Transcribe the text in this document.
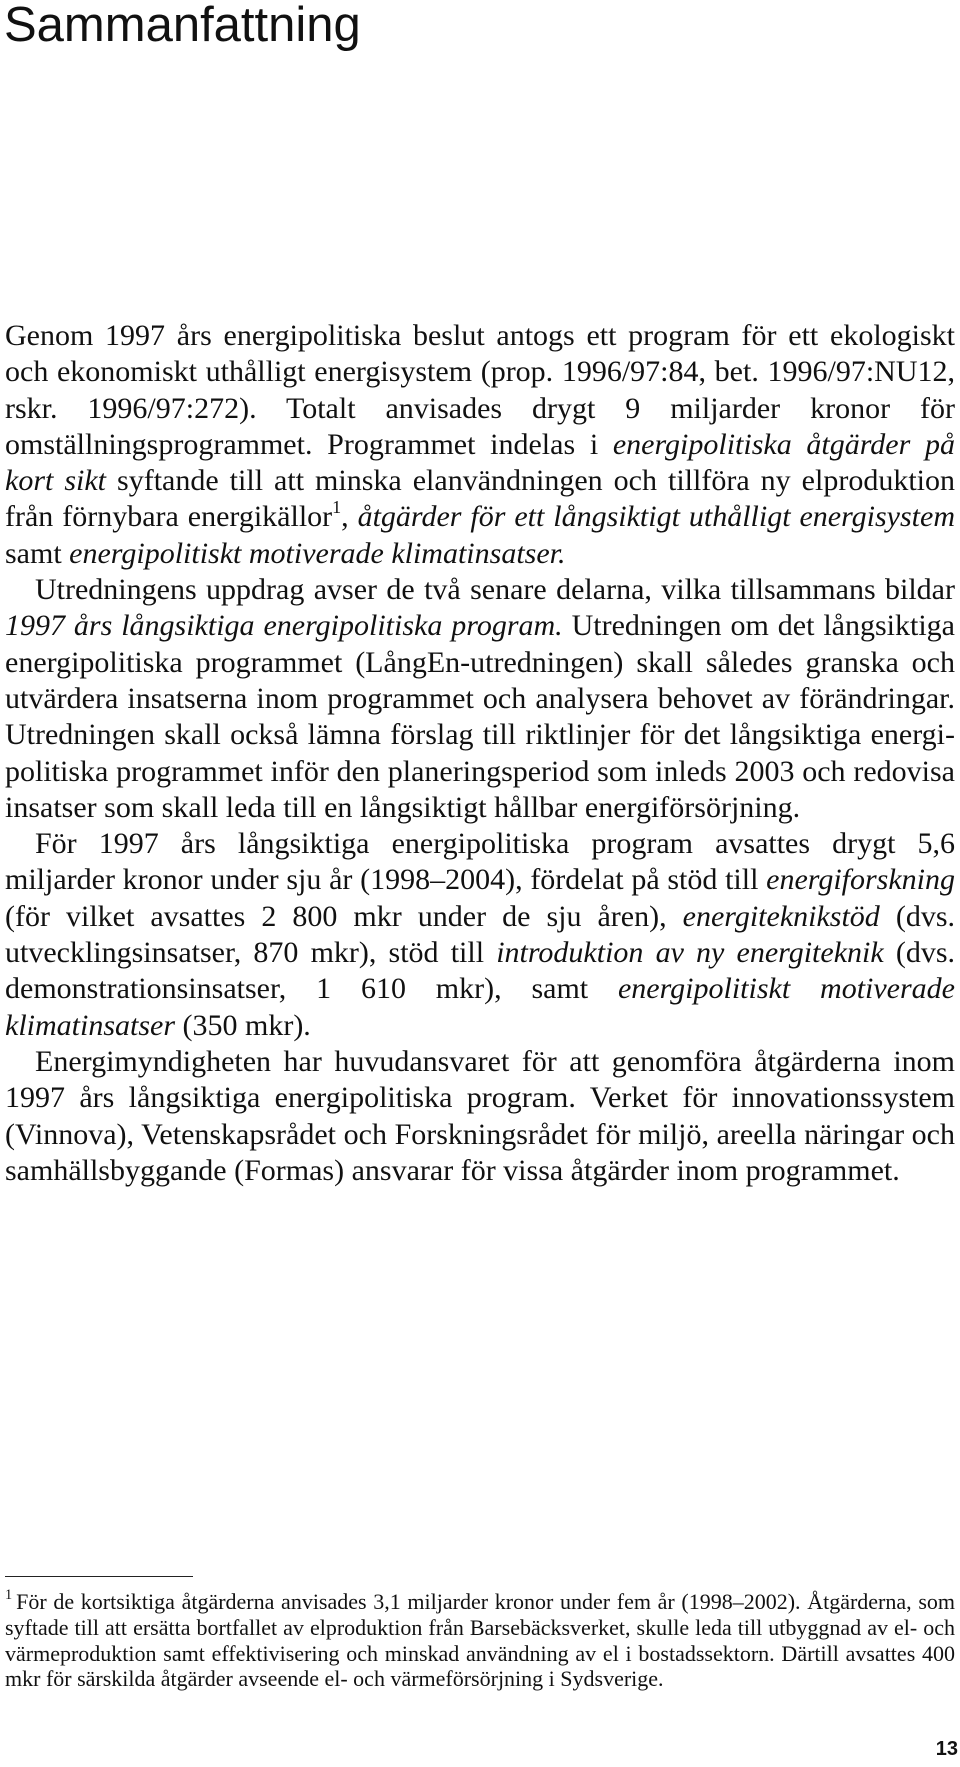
Sammanfattning

Genom 1997 års energipolitiska beslut antogs ett program för ett ekologiskt och ekonomiskt uthålligt energisystem (prop. 1996/97:84, bet. 1996/97:NU12, rskr. 1996/97:272). Totalt anvisades drygt 9 miljarder kronor för omställningsprogrammet. Programmet indelas i energipolitiska åtgärder på kort sikt syftande till att minska elanvändningen och tillföra ny elproduktion från förnybara energikällor$^1$, åtgärder för ett långsiktigt uthålligt energisystem samt energipolitiskt motiverade klimatinsatser.

Utredningens uppdrag avser de två senare delarna, vilka tillsammans bildar 1997 års långsiktiga energipolitiska program. Utredningen om det långsiktiga energipolitiska programmet (LångEn-utredningen) skall således granska och utvärdera insatserna inom programmet och analysera behovet av förändringar. Utredningen skall också lämna förslag till riktlinjer för det långsiktiga energipolitiska programmet inför den planeringsperiod som inleds 2003 och redovisa insatser som skall leda till en långsiktigt hållbar energiförsörjning.

För 1997 års långsiktiga energipolitiska program avsattes drygt 5,6 miljarder kronor under sju år (1998–2004), fördelat på stöd till energiforskning (för vilket avsattes 2 800 mkr under de sju åren), energiteknikstöd (dvs. utvecklingsinsatser, 870 mkr), stöd till introduktion av ny energiteknik (dvs. demonstrationsinsatser, 1 610 mkr), samt energipolitiskt motiverade klimatinsatser (350 mkr).

Energimyndigheten har huvudansvaret för att genomföra åtgärderna inom 1997 års långsiktiga energipolitiska program. Verket för innovationssystem (Vinnova), Vetenskapsrådet och Forskningsrådet för miljö, areella näringar och samhällsbyggande (Formas) ansvarar för vissa åtgärder inom programmet.

$^1$ För de kortsiktiga åtgärderna anvisades 3,1 miljarder kronor under fem år (1998–2002). Åtgärderna, som syftade till att ersätta bortfallet av elproduktion från Barsebäcksverket, skulle leda till utbyggnad av el- och värmeproduktion samt effektivisering och minskad användning av el i bostadssektorn. Därtill avsattes 400 mkr för särskilda åtgärder avseende el- och värmeförsörjning i Sydsverige.

13
